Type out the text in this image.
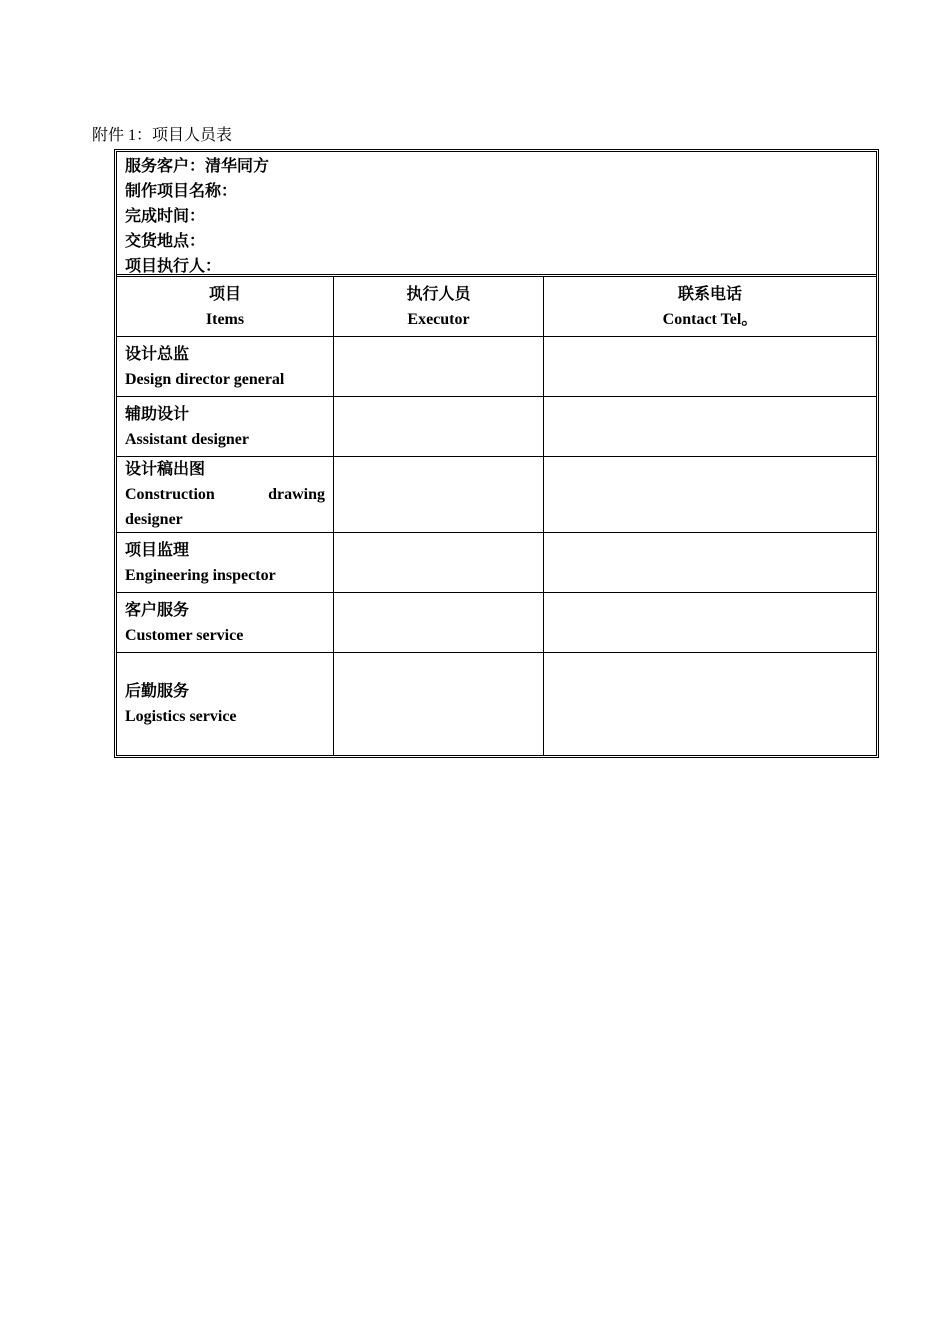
附件 1：项目人员表
服务客户：清华同方
制作项目名称：
完成时间：
交货地点：
项目执行人：
项目
Items
执行人员
Executor
联系电话
Contact Tel。
设计总监
Design director general
辅助设计
Assistant designer
设计稿出图
Construction drawing designer
项目监理
Engineering inspector
客户服务
Customer service
后勤服务
Logistics service
